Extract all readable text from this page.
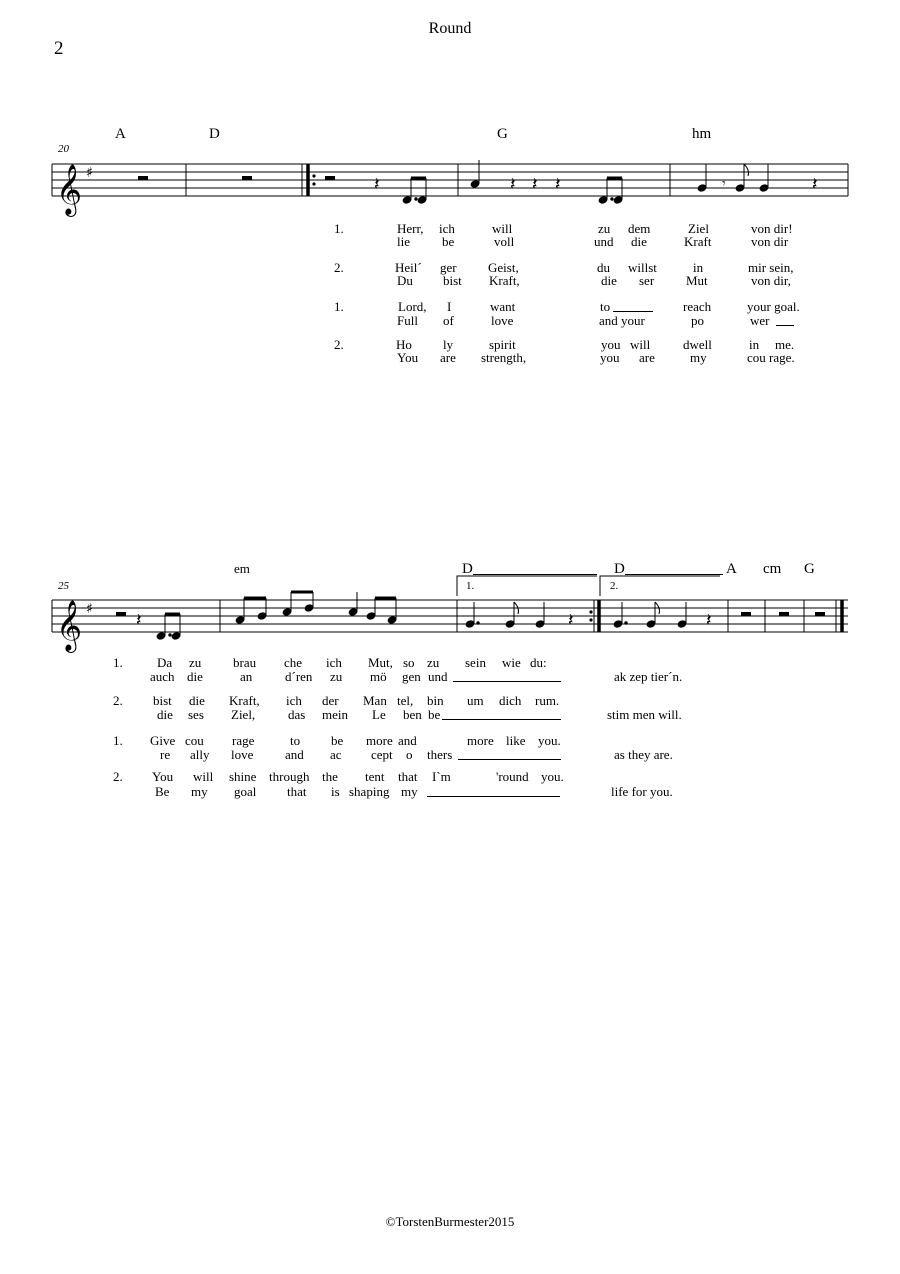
Round
2
20
A	D	G	hm
𝄞 ♯
𝄽	𝄽 𝄽 𝄽	𝄾	𝄽
1.	Herr, ich	will	zu dem	Ziel	von dir!
lie be	voll	und die	Kraft	von dir
2.	Heil´ ger Geist,	du willst	in	mir sein,
Du bist Kraft,	die ser Mut	von dir,
1.	Lord, I	want	to	reach	your goal.
Full of	love	and your	po	wer
2.	Ho ly	spirit	you will	dwell	in me.
You are strength,	you are	my	cou rage.
25
em	D	D	A cm G
1.	2.
𝄞 ♯
𝄽	𝄽	𝄽
1.	Da zu brau che ich Mut, so zu sein wie du:
auch die	an	d´ren zu mö gen und	ak zep tier´n.
2. bist die Kraft, ich der Man tel, bin um dich rum.
die ses Ziel,	das mein Le ben be	stim men will.
1. Give cou rage	to be more and	more like you.
re ally love and ac cept o thers	as they are.
2. You will shine through the tent that I`m	'round you.
Be my goal that is shaping my	life for you.
©TorstenBurmester2015
